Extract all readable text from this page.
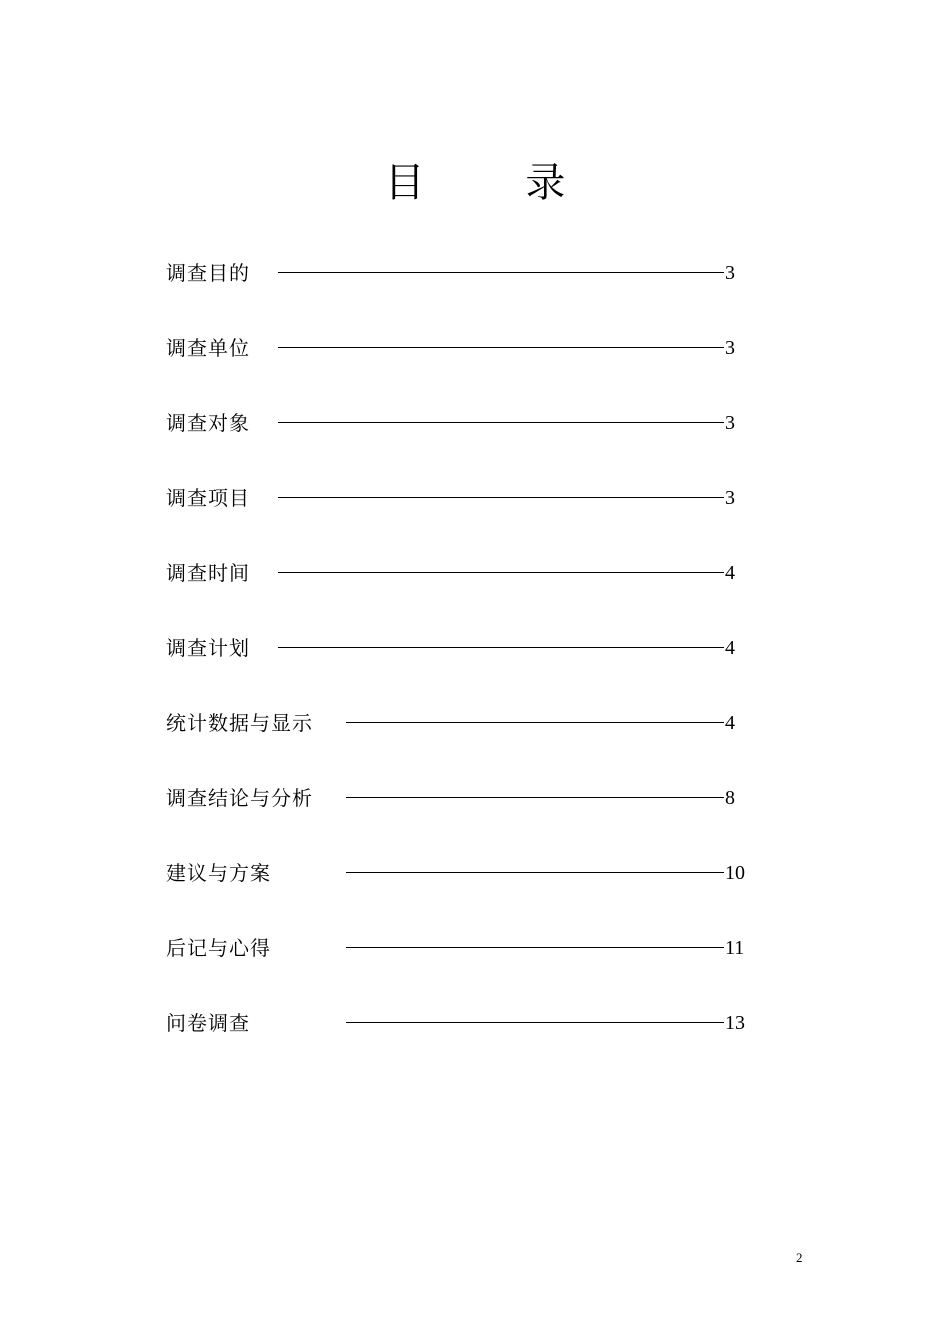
目 录
调查目的	3
调查单位	3
调查对象	3
调查项目	3
调查时间	4
调查计划	4
统计数据与显示	4
调查结论与分析	8
建议与方案	10
后记与心得	11
问卷调查	13
2
